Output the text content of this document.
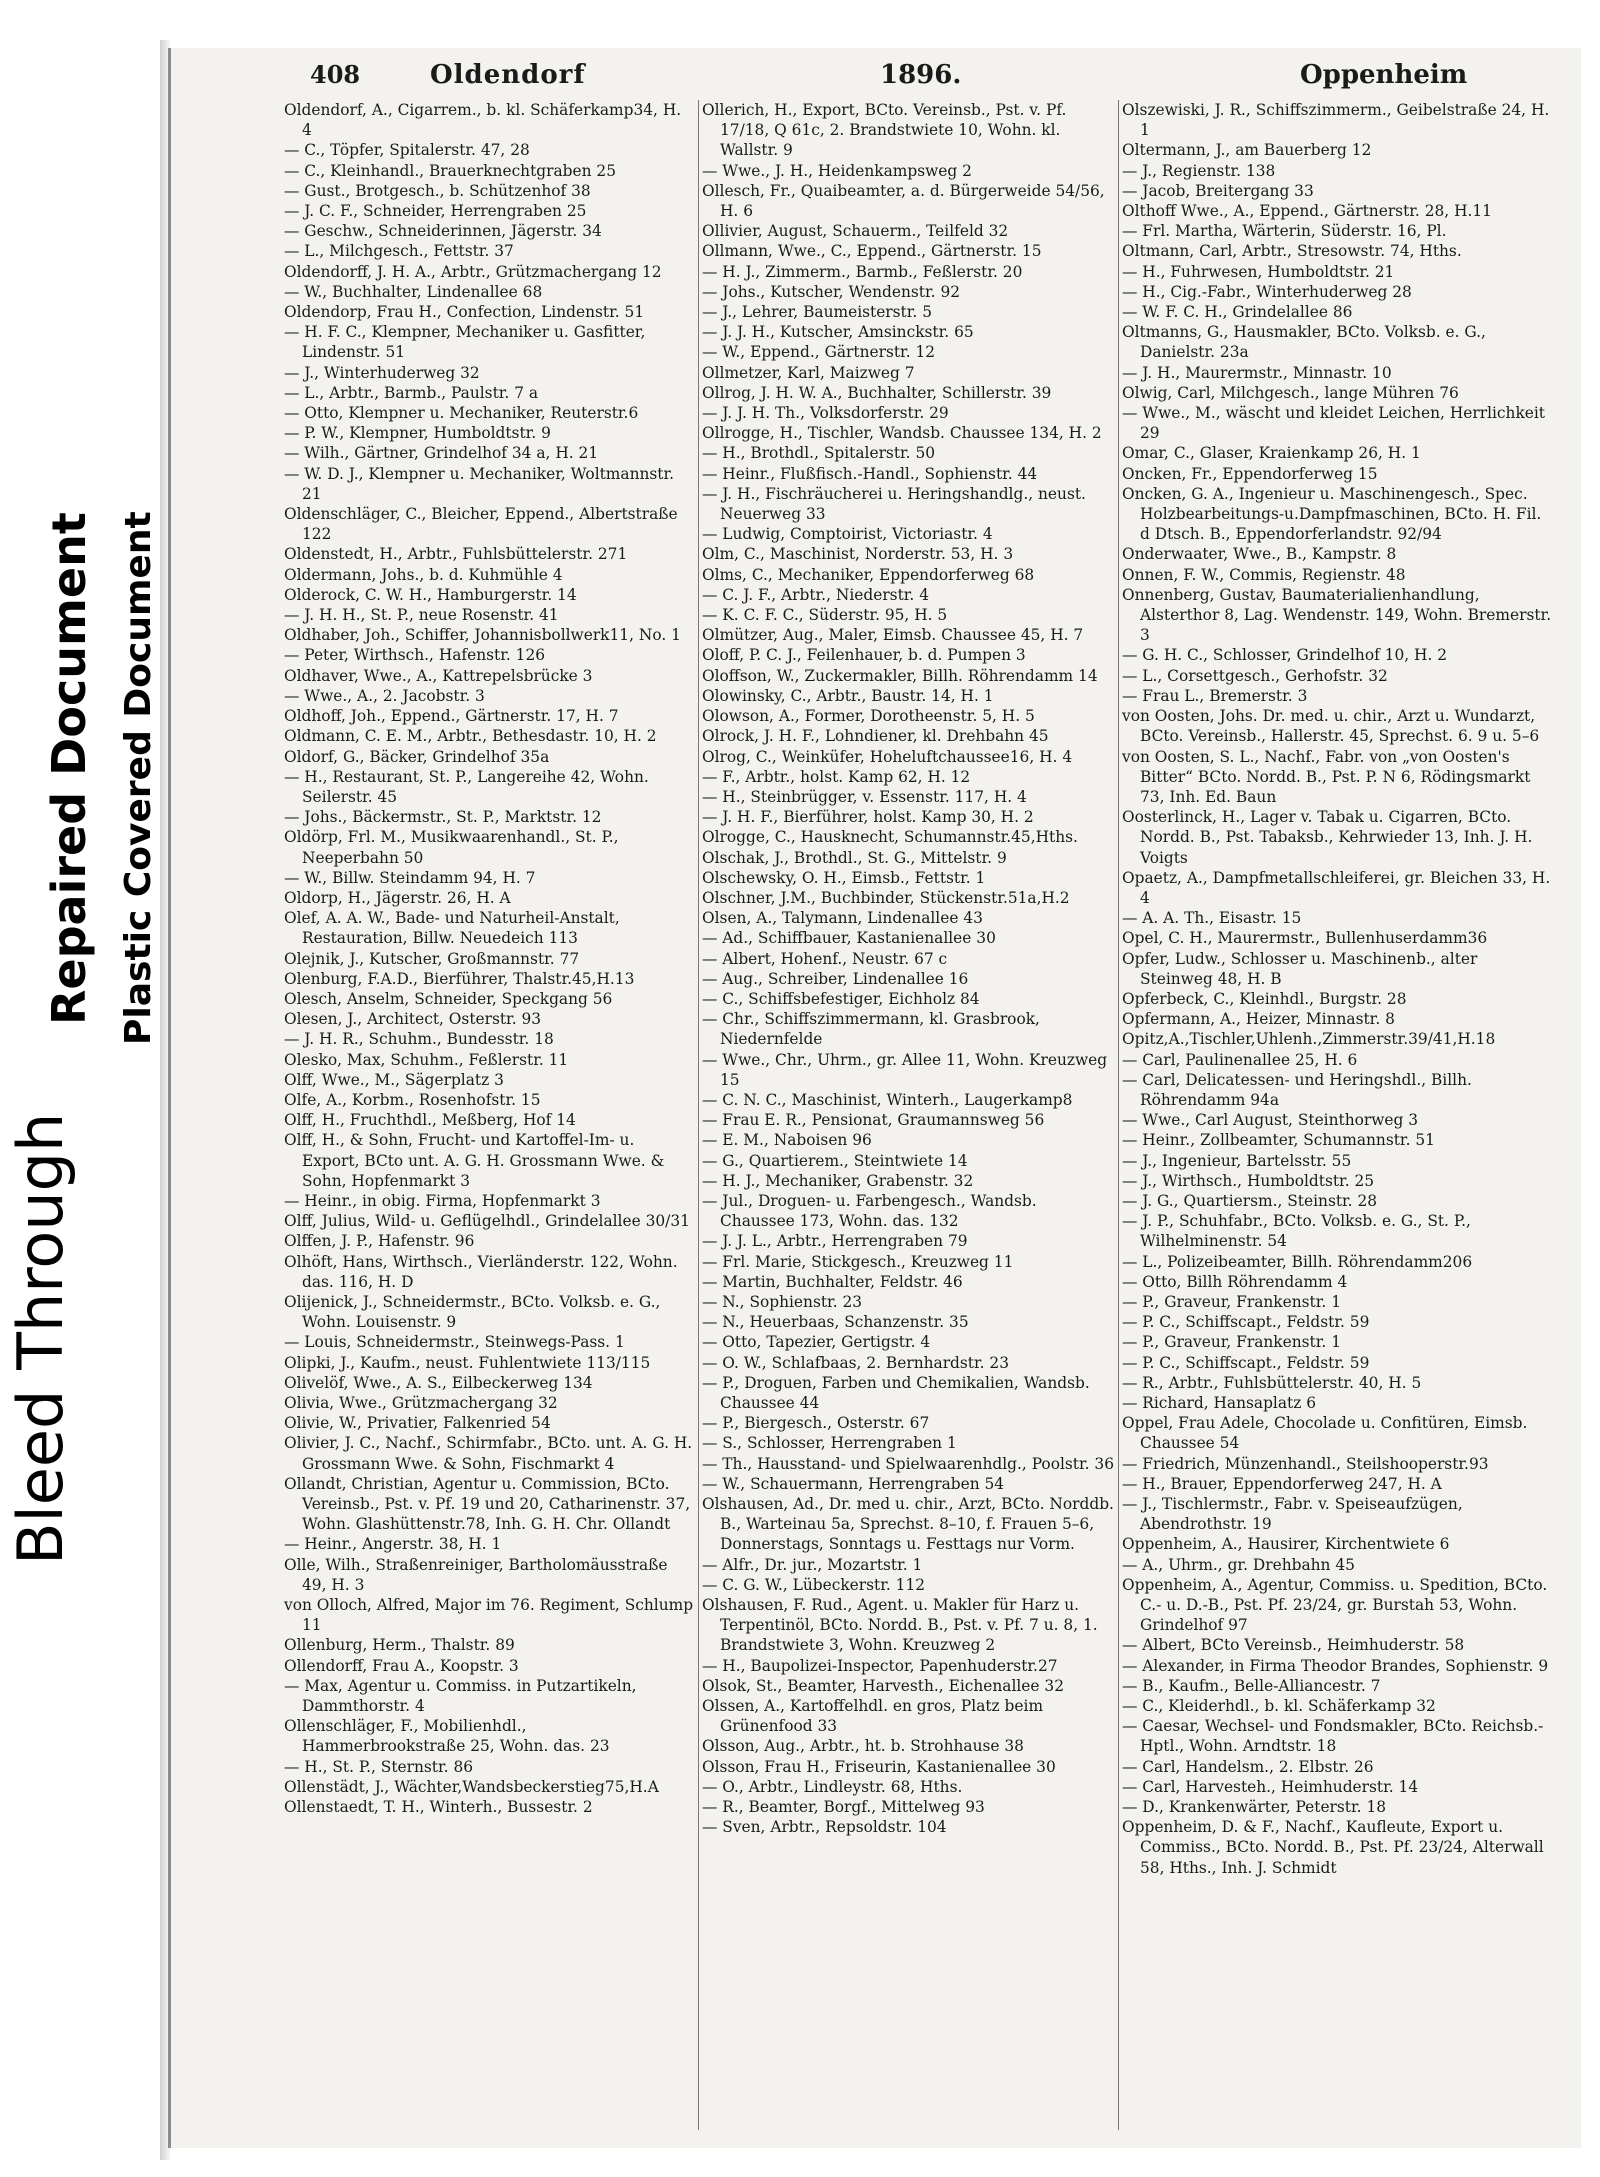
Bleed Through
Repaired Document Plastic Covered Document
408	Oldendorf	1896.	Oppenheim

Oldendorf, A., Cigarrem., b. kl. Schäferkamp34, H. 4

— C., Töpfer, Spitalerstr. 47, 28

— C., Kleinhandl., Brauerknechtgraben 25

— Gust., Brotgesch., b. Schützenhof 38

— J. C. F., Schneider, Herrengraben 25

— Geschw., Schneiderinnen, Jägerstr. 34

— L., Milchgesch., Fettstr. 37

Oldendorff, J. H. A., Arbtr., Grützmachergang 12

— W., Buchhalter, Lindenallee 68

Oldendorp, Frau H., Confection, Lindenstr. 51

— H. F. C., Klempner, Mechaniker u. Gasfitter, Lindenstr. 51

— J., Winterhuderweg 32

— L., Arbtr., Barmb., Paulstr. 7 a

— Otto, Klempner u. Mechaniker, Reuterstr.6

— P. W., Klempner, Humboldtstr. 9

— Wilh., Gärtner, Grindelhof 34 a, H. 21

— W. D. J., Klempner u. Mechaniker, Woltmannstr. 21

Oldenschläger, C., Bleicher, Eppend., Albertstraße 122

Oldenstedt, H., Arbtr., Fuhlsbüttelerstr. 271

Oldermann, Johs., b. d. Kuhmühle 4

Olderock, C. W. H., Hamburgerstr. 14

— J. H. H., St. P., neue Rosenstr. 41

Oldhaber, Joh., Schiffer, Johannisbollwerk11, No. 1

— Peter, Wirthsch., Hafenstr. 126

Oldhaver, Wwe., A., Kattrepelsbrücke 3

— Wwe., A., 2. Jacobstr. 3

Oldhoff, Joh., Eppend., Gärtnerstr. 17, H. 7

Oldmann, C. E. M., Arbtr., Bethesdastr. 10, H. 2

Oldorf, G., Bäcker, Grindelhof 35a

— H., Restaurant, St. P., Langereihe 42, Wohn. Seilerstr. 45

— Johs., Bäckermstr., St. P., Marktstr. 12

Oldörp, Frl. M., Musikwaarenhandl., St. P., Neeperbahn 50

— W., Billw. Steindamm 94, H. 7

Oldorp, H., Jägerstr. 26, H. A

Olef, A. A. W., Bade- und Naturheil-Anstalt, Restauration, Billw. Neuedeich 113

Olejnik, J., Kutscher, Großmannstr. 77

Olenburg, F.A.D., Bierführer, Thalstr.45,H.13

Olesch, Anselm, Schneider, Speckgang 56

Olesen, J., Architect, Osterstr. 93

— J. H. R., Schuhm., Bundesstr. 18

Olesko, Max, Schuhm., Feßlerstr. 11

Olff, Wwe., M., Sägerplatz 3

Olfe, A., Korbm., Rosenhofstr. 15

Olff, H., Fruchthdl., Meßberg, Hof 14

Olff, H., & Sohn, Frucht- und Kartoffel-Im- u. Export, BCto unt. A. G. H. Grossmann Wwe. & Sohn, Hopfenmarkt 3

— Heinr., in obig. Firma, Hopfenmarkt 3

Olff, Julius, Wild- u. Geflügelhdl., Grindelallee 30/31

Olffen, J. P., Hafenstr. 96

Olhöft, Hans, Wirthsch., Vierländerstr. 122, Wohn. das. 116, H. D

Olijenick, J., Schneidermstr., BCto. Volksb. e. G., Wohn. Louisenstr. 9

— Louis, Schneidermstr., Steinwegs-Pass. 1

Olipki, J., Kaufm., neust. Fuhlentwiete 113/115

Olivelöf, Wwe., A. S., Eilbeckerweg 134

Olivia, Wwe., Grützmachergang 32

Olivie, W., Privatier, Falkenried 54

Olivier, J. C., Nachf., Schirmfabr., BCto. unt. A. G. H. Grossmann Wwe. & Sohn, Fischmarkt 4

Ollandt, Christian, Agentur u. Commission, BCto. Vereinsb., Pst. v. Pf. 19 und 20, Catharinenstr. 37, Wohn. Glashüttenstr.78, Inh. G. H. Chr. Ollandt

— Heinr., Angerstr. 38, H. 1

Olle, Wilh., Straßenreiniger, Bartholomäusstraße 49, H. 3

von Olloch, Alfred, Major im 76. Regiment, Schlump 11

Ollenburg, Herm., Thalstr. 89

Ollendorff, Frau A., Koopstr. 3

— Max, Agentur u. Commiss. in Putzartikeln, Dammthorstr. 4

Ollenschläger, F., Mobilienhdl., Hammerbrookstraße 25, Wohn. das. 23

— H., St. P., Sternstr. 86

Ollenstädt, J., Wächter,Wandsbeckerstieg75,H.A

Ollenstaedt, T. H., Winterh., Bussestr. 2

Ollerich, H., Export, BCto. Vereinsb., Pst. v. Pf. 17/18, Q 61c, 2. Brandstwiete 10, Wohn. kl. Wallstr. 9

— Wwe., J. H., Heidenkampsweg 2

Ollesch, Fr., Quaibeamter, a. d. Bürgerweide 54/56, H. 6

Ollivier, August, Schauerm., Teilfeld 32

Ollmann, Wwe., C., Eppend., Gärtnerstr. 15

— H. J., Zimmerm., Barmb., Feßlerstr. 20

— Johs., Kutscher, Wendenstr. 92

— J., Lehrer, Baumeisterstr. 5

— J. J. H., Kutscher, Amsinckstr. 65

— W., Eppend., Gärtnerstr. 12

Ollmetzer, Karl, Maizweg 7

Ollrog, J. H. W. A., Buchhalter, Schillerstr. 39

— J. J. H. Th., Volksdorferstr. 29

Ollrogge, H., Tischler, Wandsb. Chaussee 134, H. 2

— H., Brothdl., Spitalerstr. 50

— Heinr., Flußfisch.-Handl., Sophienstr. 44

— J. H., Fischräucherei u. Heringshandlg., neust. Neuerweg 33

— Ludwig, Comptoirist, Victoriastr. 4

Olm, C., Maschinist, Norderstr. 53, H. 3

Olms, C., Mechaniker, Eppendorferweg 68

— C. J. F., Arbtr., Niederstr. 4

— K. C. F. C., Süderstr. 95, H. 5

Olmützer, Aug., Maler, Eimsb. Chaussee 45, H. 7

Oloff, P. C. J., Feilenhauer, b. d. Pumpen 3

Oloffson, W., Zuckermakler, Billh. Röhrendamm 14

Olowinsky, C., Arbtr., Baustr. 14, H. 1

Olowson, A., Former, Dorotheenstr. 5, H. 5

Olrock, J. H. F., Lohndiener, kl. Drehbahn 45

Olrog, C., Weinküfer, Hoheluftchaussee16, H. 4

— F., Arbtr., holst. Kamp 62, H. 12

— H., Steinbrügger, v. Essenstr. 117, H. 4

— J. H. F., Bierführer, holst. Kamp 30, H. 2

Olrogge, C., Hausknecht, Schumannstr.45,Hths.

Olschak, J., Brothdl., St. G., Mittelstr. 9

Olschewsky, O. H., Eimsb., Fettstr. 1

Olschner, J.M., Buchbinder, Stückenstr.51a,H.2

Olsen, A., Talymann, Lindenallee 43

— Ad., Schiffbauer, Kastanienallee 30

— Albert, Hohenf., Neustr. 67 c

— Aug., Schreiber, Lindenallee 16

— C., Schiffsbefestiger, Eichholz 84

— Chr., Schiffszimmermann, kl. Grasbrook, Niedernfelde

— Wwe., Chr., Uhrm., gr. Allee 11, Wohn. Kreuzweg 15

— C. N. C., Maschinist, Winterh., Laugerkamp8

— Frau E. R., Pensionat, Graumannsweg 56

— E. M., Naboisen 96

— G., Quartierem., Steintwiete 14

— H. J., Mechaniker, Grabenstr. 32

— Jul., Droguen- u. Farbengesch., Wandsb. Chaussee 173, Wohn. das. 132

— J. J. L., Arbtr., Herrengraben 79

— Frl. Marie, Stickgesch., Kreuzweg 11

— Martin, Buchhalter, Feldstr. 46

— N., Sophienstr. 23

— N., Heuerbaas, Schanzenstr. 35

— Otto, Tapezier, Gertigstr. 4

— O. W., Schlafbaas, 2. Bernhardstr. 23

— P., Droguen, Farben und Chemikalien, Wandsb. Chaussee 44

— P., Biergesch., Osterstr. 67

— S., Schlosser, Herrengraben 1

— Th., Hausstand- und Spielwaarenhdlg., Poolstr. 36

— W., Schauermann, Herrengraben 54

Olshausen, Ad., Dr. med u. chir., Arzt, BCto. Norddb. B., Warteinau 5a, Sprechst. 8–10, f. Frauen 5–6, Donnerstags, Sonntags u. Festtags nur Vorm.

— Alfr., Dr. jur., Mozartstr. 1

— C. G. W., Lübeckerstr. 112

Olshausen, F. Rud., Agent. u. Makler für Harz u. Terpentinöl, BCto. Nordd. B., Pst. v. Pf. 7 u. 8, 1. Brandstwiete 3, Wohn. Kreuzweg 2

— H., Baupolizei-Inspector, Papenhuderstr.27

Olsok, St., Beamter, Harvesth., Eichenallee 32

Olssen, A., Kartoffelhdl. en gros, Platz beim Grünenfood 33

Olsson, Aug., Arbtr., ht. b. Strohhause 38

Olsson, Frau H., Friseurin, Kastanienallee 30

— O., Arbtr., Lindleystr. 68, Hths.

— R., Beamter, Borgf., Mittelweg 93

— Sven, Arbtr., Repsoldstr. 104

Olszewiski, J. R., Schiffszimmerm., Geibelstraße 24, H. 1

Oltermann, J., am Bauerberg 12

— J., Regienstr. 138

— Jacob, Breitergang 33

Olthoff Wwe., A., Eppend., Gärtnerstr. 28, H.11

— Frl. Martha, Wärterin, Süderstr. 16, Pl.

Oltmann, Carl, Arbtr., Stresowstr. 74, Hths.

— H., Fuhrwesen, Humboldtstr. 21

— H., Cig.-Fabr., Winterhuderweg 28

— W. F. C. H., Grindelallee 86

Oltmanns, G., Hausmakler, BCto. Volksb. e. G., Danielstr. 23a

— J. H., Maurermstr., Minnastr. 10

Olwig, Carl, Milchgesch., lange Mühren 76

— Wwe., M., wäscht und kleidet Leichen, Herrlichkeit 29

Omar, C., Glaser, Kraienkamp 26, H. 1

Oncken, Fr., Eppendorferweg 15

Oncken, G. A., Ingenieur u. Maschinengesch., Spec. Holzbearbeitungs-u.Dampfmaschinen, BCto. H. Fil. d Dtsch. B., Eppendorferlandstr. 92/94

Onderwaater, Wwe., B., Kampstr. 8

Onnen, F. W., Commis, Regienstr. 48

Onnenberg, Gustav, Baumaterialienhandlung, Alsterthor 8, Lag. Wendenstr. 149, Wohn. Bremerstr. 3

— G. H. C., Schlosser, Grindelhof 10, H. 2

— L., Corsettgesch., Gerhofstr. 32

— Frau L., Bremerstr. 3

von Oosten, Johs. Dr. med. u. chir., Arzt u. Wundarzt, BCto. Vereinsb., Hallerstr. 45, Sprechst. 6. 9 u. 5–6

von Oosten, S. L., Nachf., Fabr. von „von Oosten's Bitter“ BCto. Nordd. B., Pst. P. N 6, Rödingsmarkt 73, Inh. Ed. Baun

Oosterlinck, H., Lager v. Tabak u. Cigarren, BCto. Nordd. B., Pst. Tabaksb., Kehrwieder 13, Inh. J. H. Voigts

Opaetz, A., Dampfmetallschleiferei, gr. Bleichen 33, H. 4

— A. A. Th., Eisastr. 15

Opel, C. H., Maurermstr., Bullenhuserdamm36

Opfer, Ludw., Schlosser u. Maschinenb., alter Steinweg 48, H. B

Opferbeck, C., Kleinhdl., Burgstr. 28

Opfermann, A., Heizer, Minnastr. 8

Opitz,A.,Tischler,Uhlenh.,Zimmerstr.39/41,H.18

— Carl, Paulinenallee 25, H. 6

— Carl, Delicatessen- und Heringshdl., Billh. Röhrendamm 94a

— Wwe., Carl August, Steinthorweg 3

— Heinr., Zollbeamter, Schumannstr. 51

— J., Ingenieur, Bartelsstr. 55

— J., Wirthsch., Humboldtstr. 25

— J. G., Quartiersm., Steinstr. 28

— J. P., Schuhfabr., BCto. Volksb. e. G., St. P., Wilhelminenstr. 54

— L., Polizeibeamter, Billh. Röhrendamm206

— Otto, Billh Röhrendamm 4

— P., Graveur, Frankenstr. 1

— P. C., Schiffscapt., Feldstr. 59

— P., Graveur, Frankenstr. 1

— P. C., Schiffscapt., Feldstr. 59

— R., Arbtr., Fuhlsbüttelerstr. 40, H. 5

— Richard, Hansaplatz 6

Oppel, Frau Adele, Chocolade u. Confitüren, Eimsb. Chaussee 54

— Friedrich, Münzenhandl., Steilshooperstr.93

— H., Brauer, Eppendorferweg 247, H. A

— J., Tischlermstr., Fabr. v. Speiseaufzügen, Abendrothstr. 19

Oppenheim, A., Hausirer, Kirchentwiete 6

— A., Uhrm., gr. Drehbahn 45

Oppenheim, A., Agentur, Commiss. u. Spedition, BCto. C.- u. D.-B., Pst. Pf. 23/24, gr. Burstah 53, Wohn. Grindelhof 97

— Albert, BCto Vereinsb., Heimhuderstr. 58

— Alexander, in Firma Theodor Brandes, Sophienstr. 9

— B., Kaufm., Belle-Alliancestr. 7

— C., Kleiderhdl., b. kl. Schäferkamp 32

— Caesar, Wechsel- und Fondsmakler, BCto. Reichsb.-Hptl., Wohn. Arndtstr. 18

— Carl, Handelsm., 2. Elbstr. 26

— Carl, Harvesteh., Heimhuderstr. 14

— D., Krankenwärter, Peterstr. 18

Oppenheim, D. & F., Nachf., Kaufleute, Export u. Commiss., BCto. Nordd. B., Pst. Pf. 23/24, Alterwall 58, Hths., Inh. J. Schmidt
